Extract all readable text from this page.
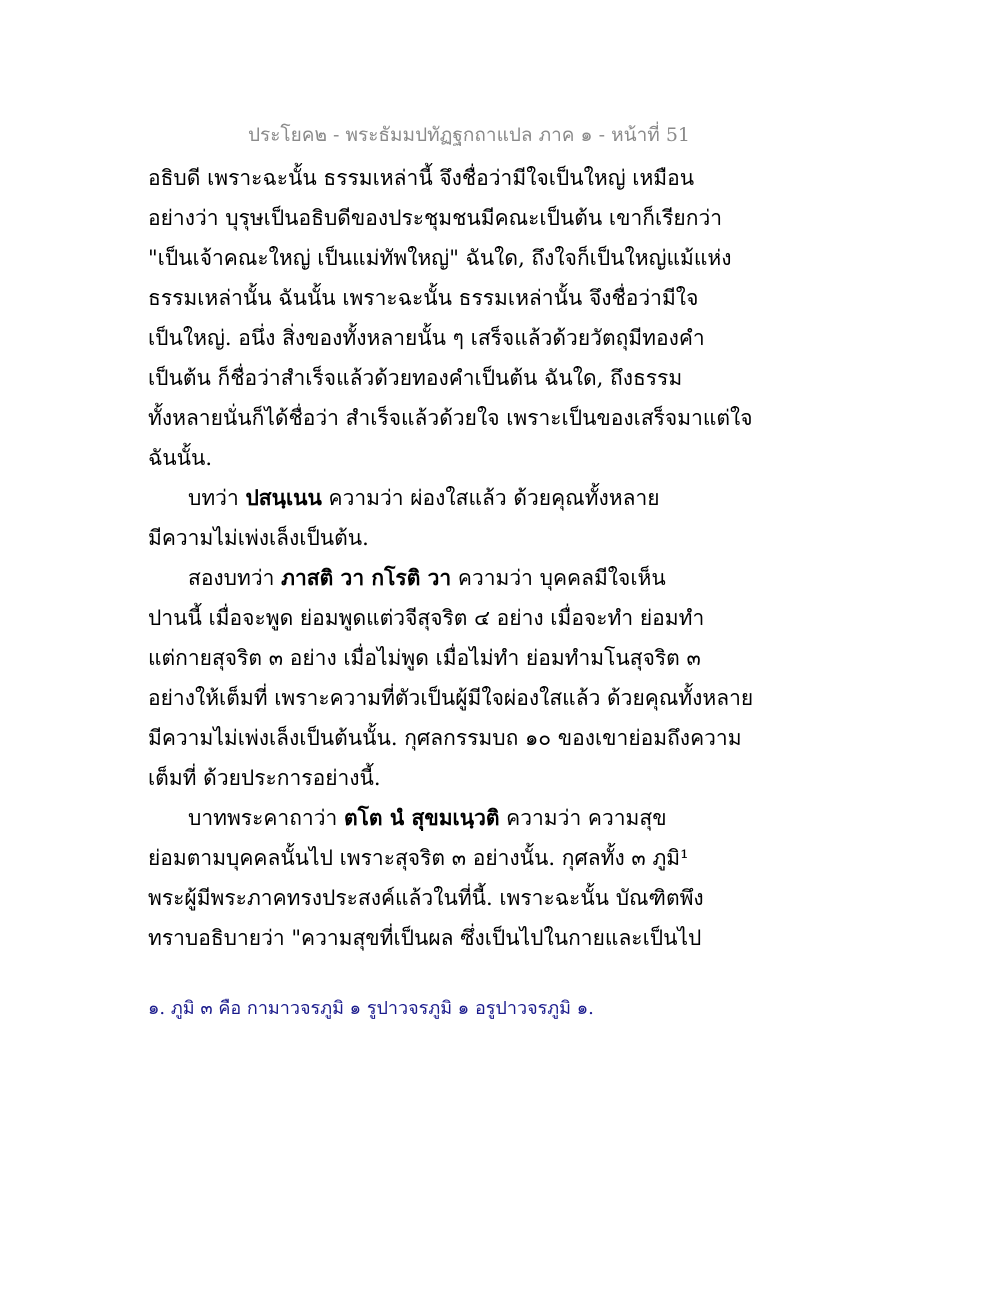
ประโยค๒ - พระธัมมปทัฏฐกถาแปล ภาค ๑ - หน้าที่ 51
อธิบดี เพราะฉะนั้น ธรรมเหล่านี้ จึงชื่อว่ามีใจเป็นใหญ่ เหมือน
อย่างว่า บุรุษเป็นอธิบดีของประชุมชนมีคณะเป็นต้น เขาก็เรียกว่า
"เป็นเจ้าคณะใหญ่ เป็นแม่ทัพใหญ่" ฉันใด, ถึงใจก็เป็นใหญ่แม้แห่ง
ธรรมเหล่านั้น ฉันนั้น เพราะฉะนั้น ธรรมเหล่านั้น จึงชื่อว่ามีใจ
เป็นใหญ่. อนึ่ง สิ่งของทั้งหลายนั้น ๆ เสร็จแล้วด้วยวัตถุมีทองคำ
เป็นต้น ก็ชื่อว่าสำเร็จแล้วด้วยทองคำเป็นต้น ฉันใด, ถึงธรรม
ทั้งหลายนั่นก็ได้ชื่อว่า สำเร็จแล้วด้วยใจ เพราะเป็นของเสร็จมาแต่ใจ
ฉันนั้น.
บทว่า ปสนฺเนน ความว่า ผ่องใสแล้ว ด้วยคุณทั้งหลาย
มีความไม่เพ่งเล็งเป็นต้น.
สองบทว่า ภาสติ วา กโรติ วา ความว่า บุคคลมีใจเห็น
ปานนี้ เมื่อจะพูด ย่อมพูดแต่วจีสุจริต ๔ อย่าง เมื่อจะทำ ย่อมทำ
แต่กายสุจริต ๓ อย่าง เมื่อไม่พูด เมื่อไม่ทำ ย่อมทำมโนสุจริต ๓
อย่างให้เต็มที่ เพราะความที่ตัวเป็นผู้มีใจผ่องใสแล้ว ด้วยคุณทั้งหลาย
มีความไม่เพ่งเล็งเป็นต้นนั้น. กุศลกรรมบถ ๑๐ ของเขาย่อมถึงความ
เต็มที่ ด้วยประการอย่างนี้.
บาทพระคาถาว่า ตโต นํ สุขมเนฺวติ ความว่า ความสุข
ย่อมตามบุคคลนั้นไป เพราะสุจริต ๓ อย่างนั้น. กุศลทั้ง ๓ ภูมิ¹
พระผู้มีพระภาคทรงประสงค์แล้วในที่นี้. เพราะฉะนั้น บัณฑิตพึง
ทราบอธิบายว่า "ความสุขที่เป็นผล ซึ่งเป็นไปในกายและเป็นไป
๑. ภูมิ ๓ คือ กามาวจรภูมิ ๑ รูปาวจรภูมิ ๑ อรูปาวจรภูมิ ๑.
